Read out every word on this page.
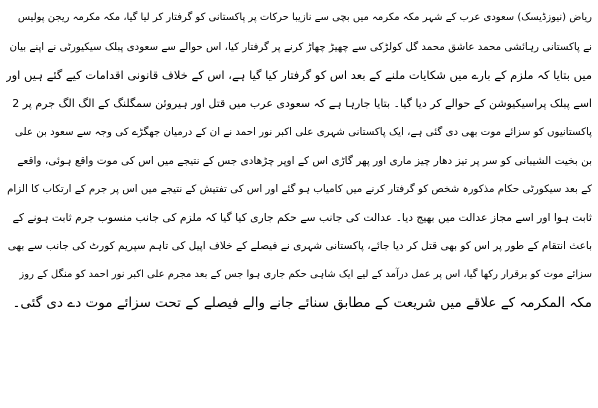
ریاض (نیوزڈیسک) سعودی عرب کے شہر مکہ مکرمہ میں بچی سے نازیبا حرکات پر پاکستانی کو گرفتار کر لیا گیا، مکہ مکرمہ ریجن پولیس
نے پاکستانی رہائشی محمد عاشق محمد گل کولڑکی سے چھیڑ چھاڑ کرنے پر گرفتار کیا، اس حوالے سے سعودی پبلک سیکیورٹی نے اپنے بیان
میں بتایا کہ ملزم کے بارے میں شکایات ملنے کے بعد اس کو گرفتار کیا گیا ہے، اس کے خلاف قانونی اقدامات کیے گئے ہیں اور
اسے پبلک پراسیکیوشن کے حوالے کر دیا گیا۔ بتایا جارہا ہے کہ سعودی عرب میں قتل اور ہیروئن سمگلنگ کے الگ الگ جرم پر 2
پاکستانیوں کو سزائے موت بھی دی گئی ہے، ایک پاکستانی شہری علی اکبر نور احمد نے ان کے درمیان جھگڑے کی وجہ سے سعود بن علی
بن بخیت الشیبانی کو سر پر تیز دھار چیز ماری اور پھر گاڑی اس کے اوپر چڑھادی جس کے نتیجے میں اس کی موت واقع ہوئی، واقعے
کے بعد سیکورٹی حکام مذکورہ شخص کو گرفتار کرنے میں کامیاب ہو گئے اور اس کی تفتیش کے نتیجے میں اس پر جرم کے ارتکاب کا الزام
ثابت ہوا اور اسے مجاز عدالت میں بھیج دیا۔ عدالت کی جانب سے حکم جاری کیا گیا کہ ملزم کی جانب منسوب جرم ثابت ہونے کے
باعث انتقام کے طور پر اس کو بھی قتل کر دیا جائے، پاکستانی شہری نے فیصلے کے خلاف اپیل کی تاہم سپریم کورٹ کی جانب سے بھی
سزائے موت کو برقرار رکھا گیا، اس پر عمل درآمد کے لیے ایک شاہی حکم جاری ہوا جس کے بعد مجرم علی اکبر نور احمد کو منگل کے روز
مکہ المکرمہ کے علاقے میں شریعت کے مطابق سنائے جانے والے فیصلے کے تحت سزائے موت دے دی گئی۔
